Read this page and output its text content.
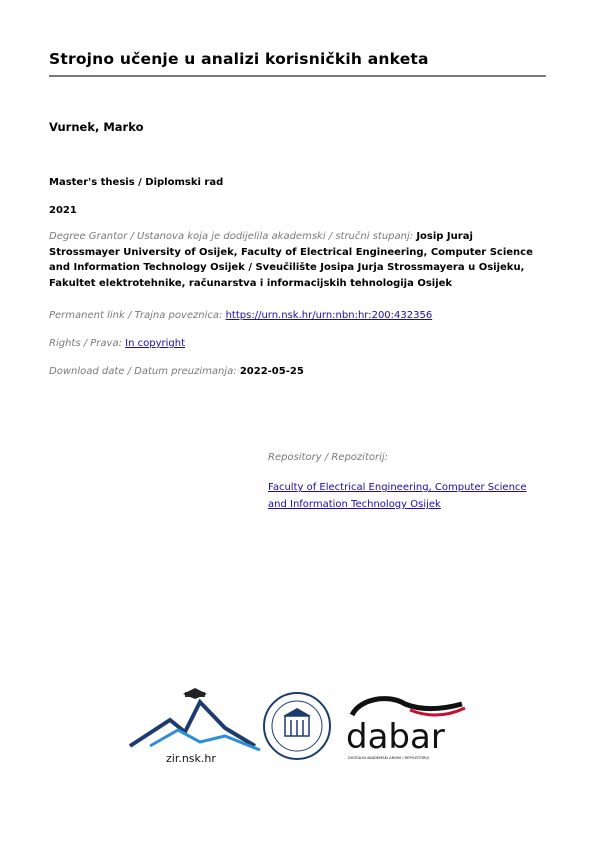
Strojno učenje u analizi korisničkih anketa
Vurnek, Marko
Master's thesis / Diplomski rad
2021
Degree Grantor / Ustanova koja je dodijelila akademski / stručni stupanj: Josip Juraj Strossmayer University of Osijek, Faculty of Electrical Engineering, Computer Science and Information Technology Osijek / Sveučilište Josipa Jurja Strossmayera u Osijeku, Fakultet elektrotehnike, računarstva i informacijskih tehnologija Osijek
Permanent link / Trajna poveznica: https://urn.nsk.hr/urn:nbn:hr:200:432356
Rights / Prava: In copyright
Download date / Datum preuzimanja: 2022-05-25
Repository / Repozitorij:
Faculty of Electrical Engineering, Computer Science and Information Technology Osijek
zir.nsk.hr
dabar
DIGITALNI AKADEMSKI ARHIVI I REPOZITORIJI
